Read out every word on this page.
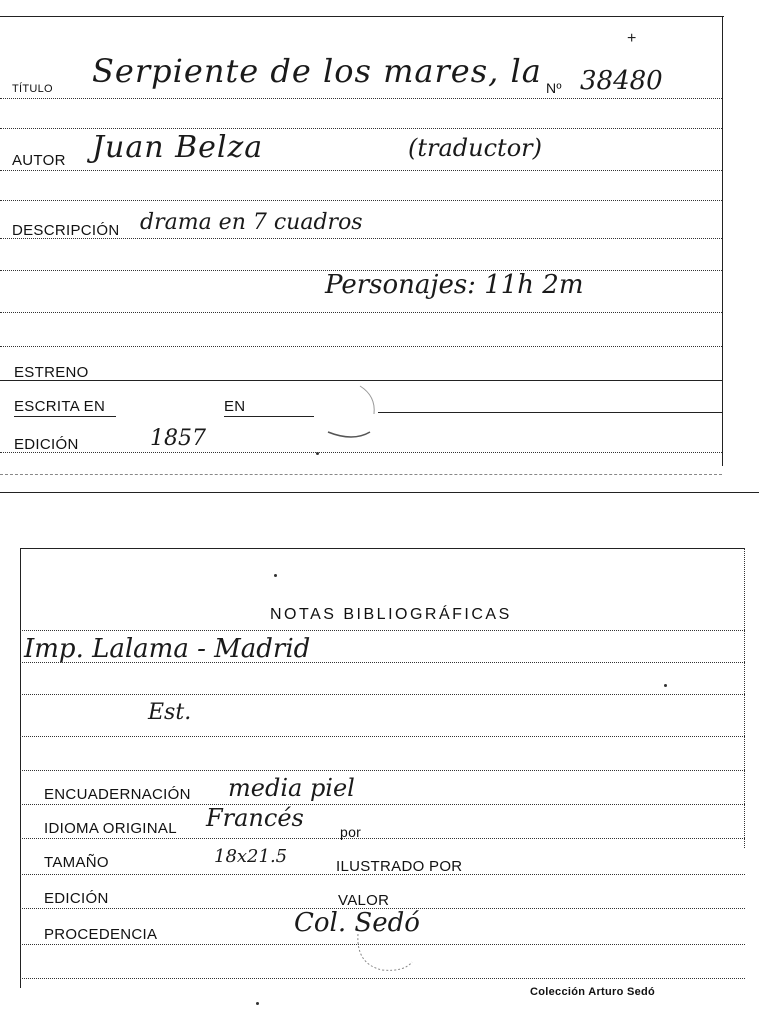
+
TÍTULO Serpiente de los mares, la Nº 38480
AUTOR Juan Belza	(traductor)
DESCRIPCIÓN drama en 7 cuadros
Personajes: 11h 2m
ESTRENO
ESCRITA EN	EN
EDICIÓN	1857
NOTAS BIBLIOGRÁFICAS
Imp. Lalama - Madrid
Est.
ENCUADERNACIÓN media piel
IDIOMA ORIGINAL Francés	por
TAMAÑO	18x21.5	ILUSTRADO POR
EDICIÓN	VALOR
PROCEDENCIA	Col. Sedó
Colección Arturo Sedó
